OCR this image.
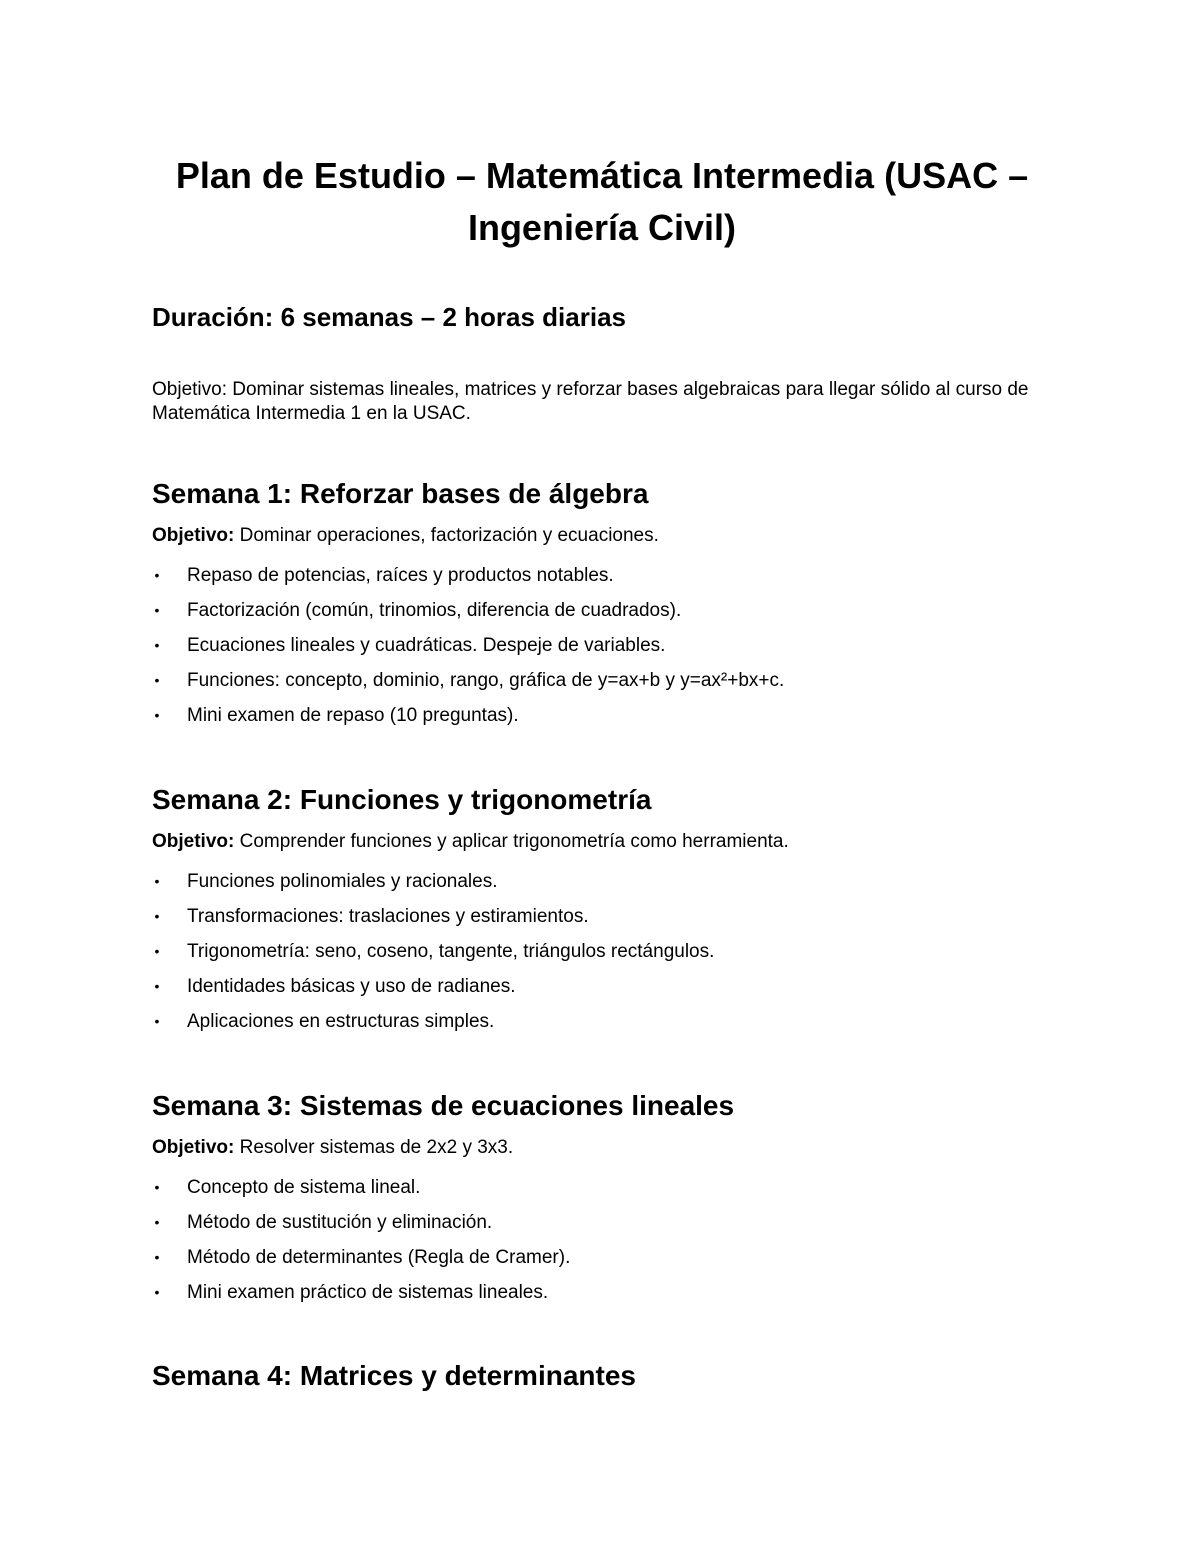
Plan de Estudio – Matemática Intermedia (USAC – Ingeniería Civil)
Duración: 6 semanas – 2 horas diarias

Objetivo: Dominar sistemas lineales, matrices y reforzar bases algebraicas para llegar sólido al curso de Matemática Intermedia 1 en la USAC.

Semana 1: Reforzar bases de álgebra

Objetivo: Dominar operaciones, factorización y ecuaciones.

• Repaso de potencias, raíces y productos notables.
• Factorización (común, trinomios, diferencia de cuadrados).
• Ecuaciones lineales y cuadráticas. Despeje de variables.
• Funciones: concepto, dominio, rango, gráfica de y=ax+b y y=ax²+bx+c.
• Mini examen de repaso (10 preguntas).
Semana 2: Funciones y trigonometría

Objetivo: Comprender funciones y aplicar trigonometría como herramienta.

• Funciones polinomiales y racionales.
• Transformaciones: traslaciones y estiramientos.
• Trigonometría: seno, coseno, tangente, triángulos rectángulos.
• Identidades básicas y uso de radianes.
• Aplicaciones en estructuras simples.
Semana 3: Sistemas de ecuaciones lineales

Objetivo: Resolver sistemas de 2x2 y 3x3.

• Concepto de sistema lineal.
• Método de sustitución y eliminación.
• Método de determinantes (Regla de Cramer).
• Mini examen práctico de sistemas lineales.
Semana 4: Matrices y determinantes
